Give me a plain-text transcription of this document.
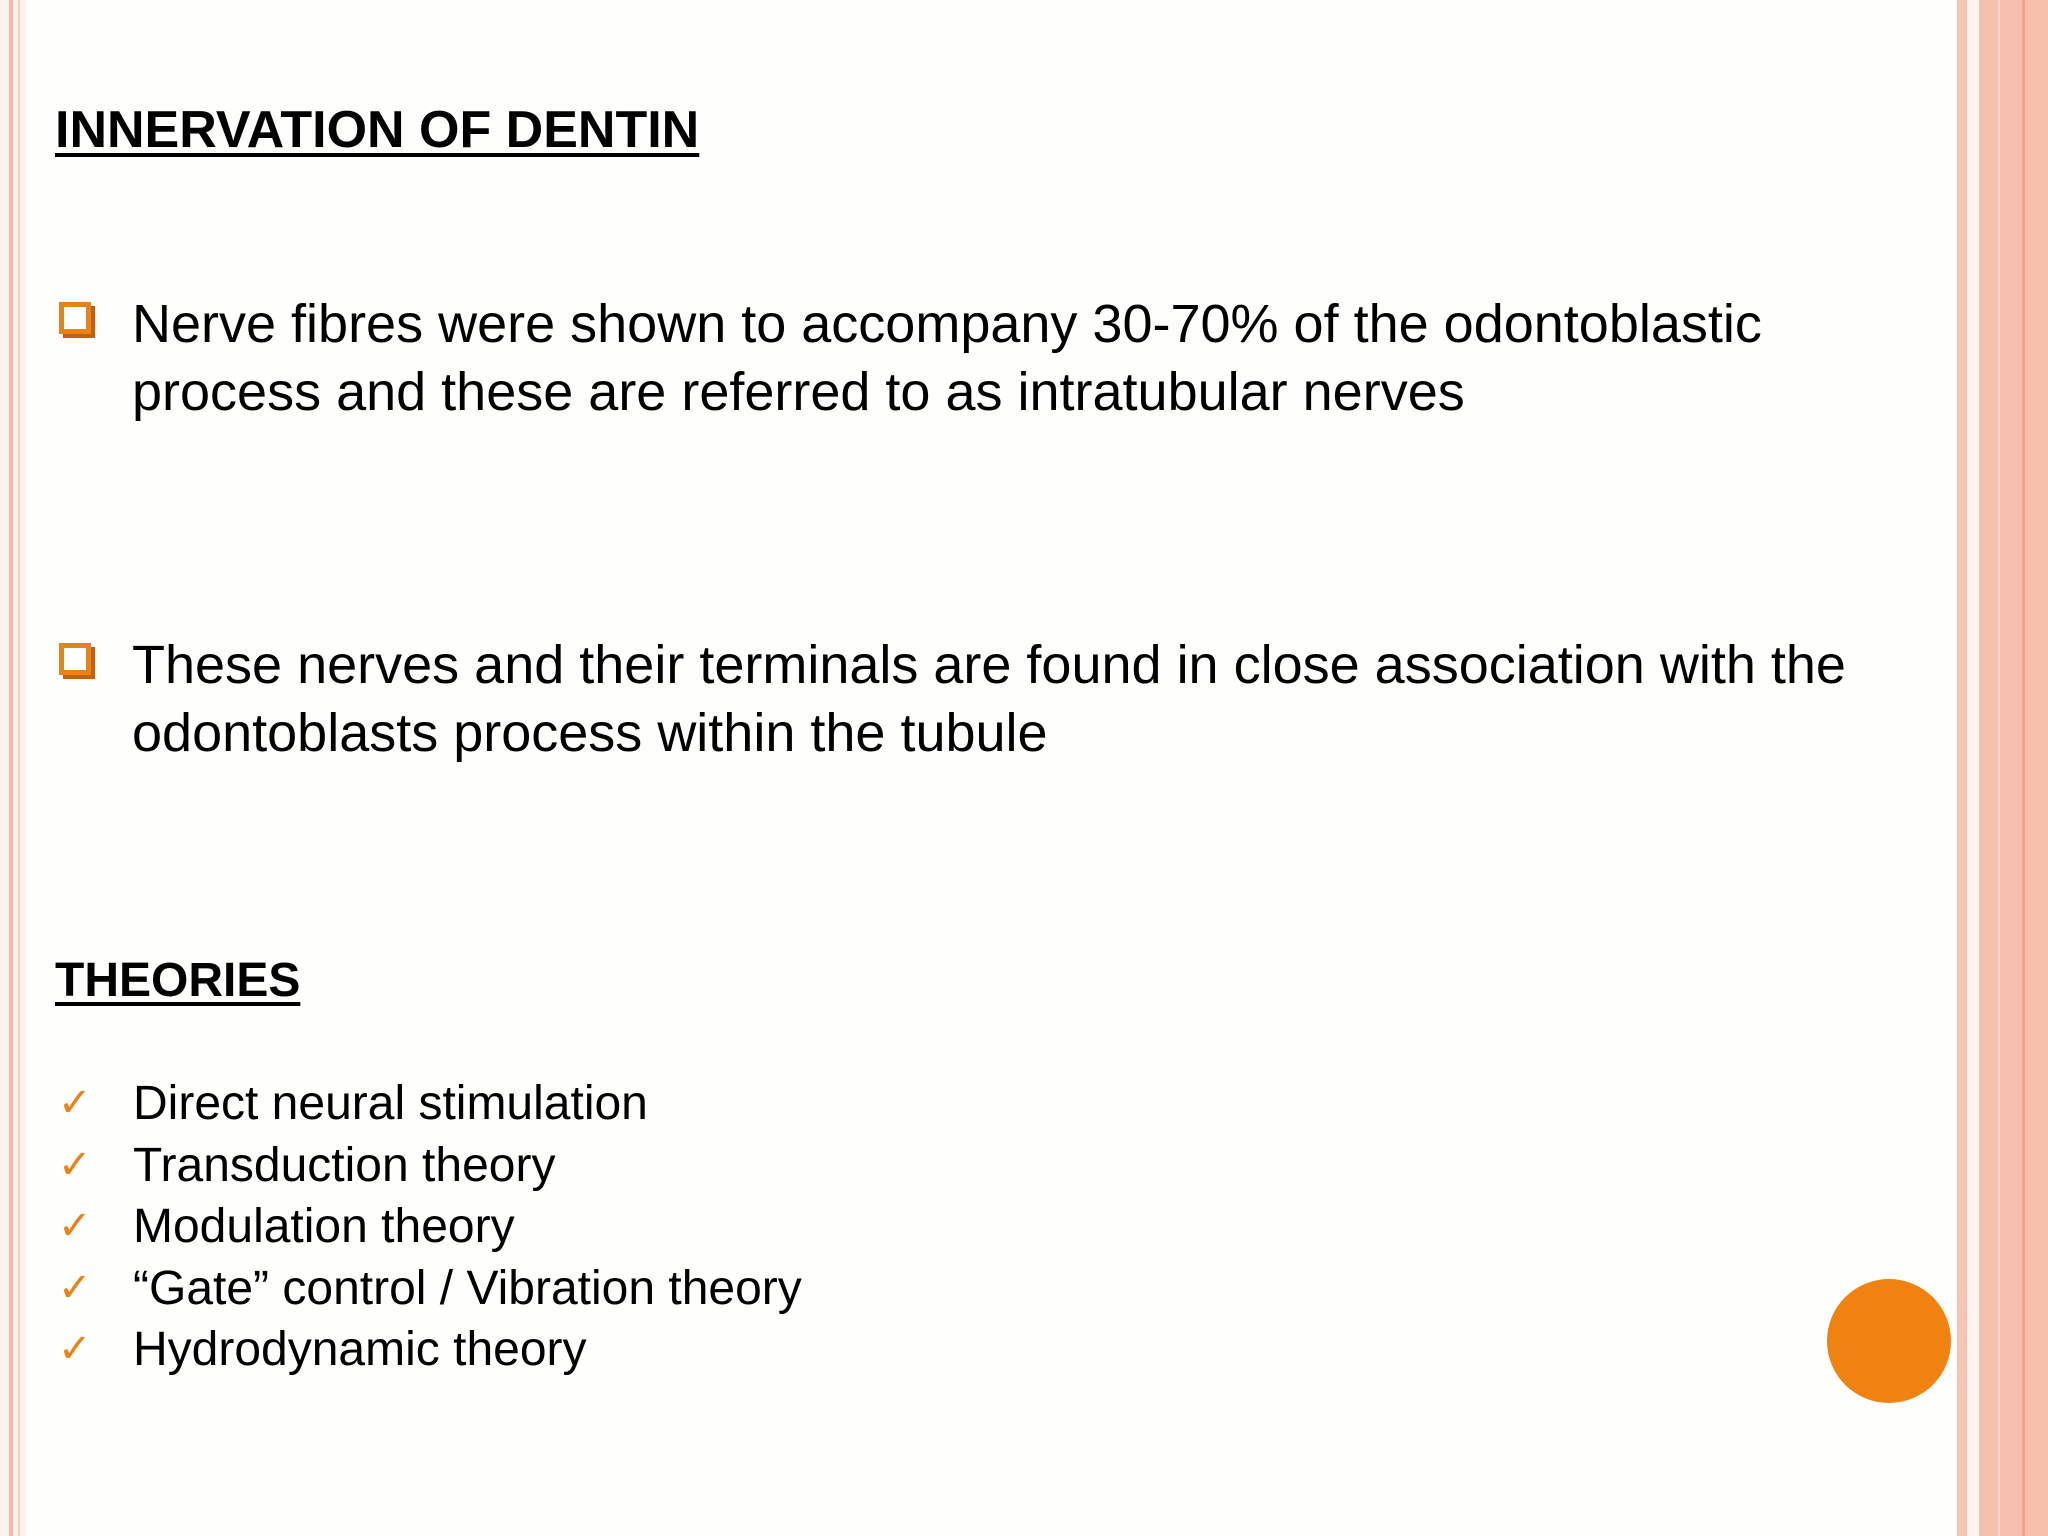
INNERVATION OF DENTIN

Nerve fibres were shown to accompany 30-70% of the odontoblastic process and these are referred to as intratubular nerves

These nerves and their terminals are found in close association with the odontoblasts process within the tubule

THEORIES
✓ Direct neural stimulation
✓ Transduction theory
✓ Modulation theory
✓ “Gate” control / Vibration theory
✓ Hydrodynamic theory
